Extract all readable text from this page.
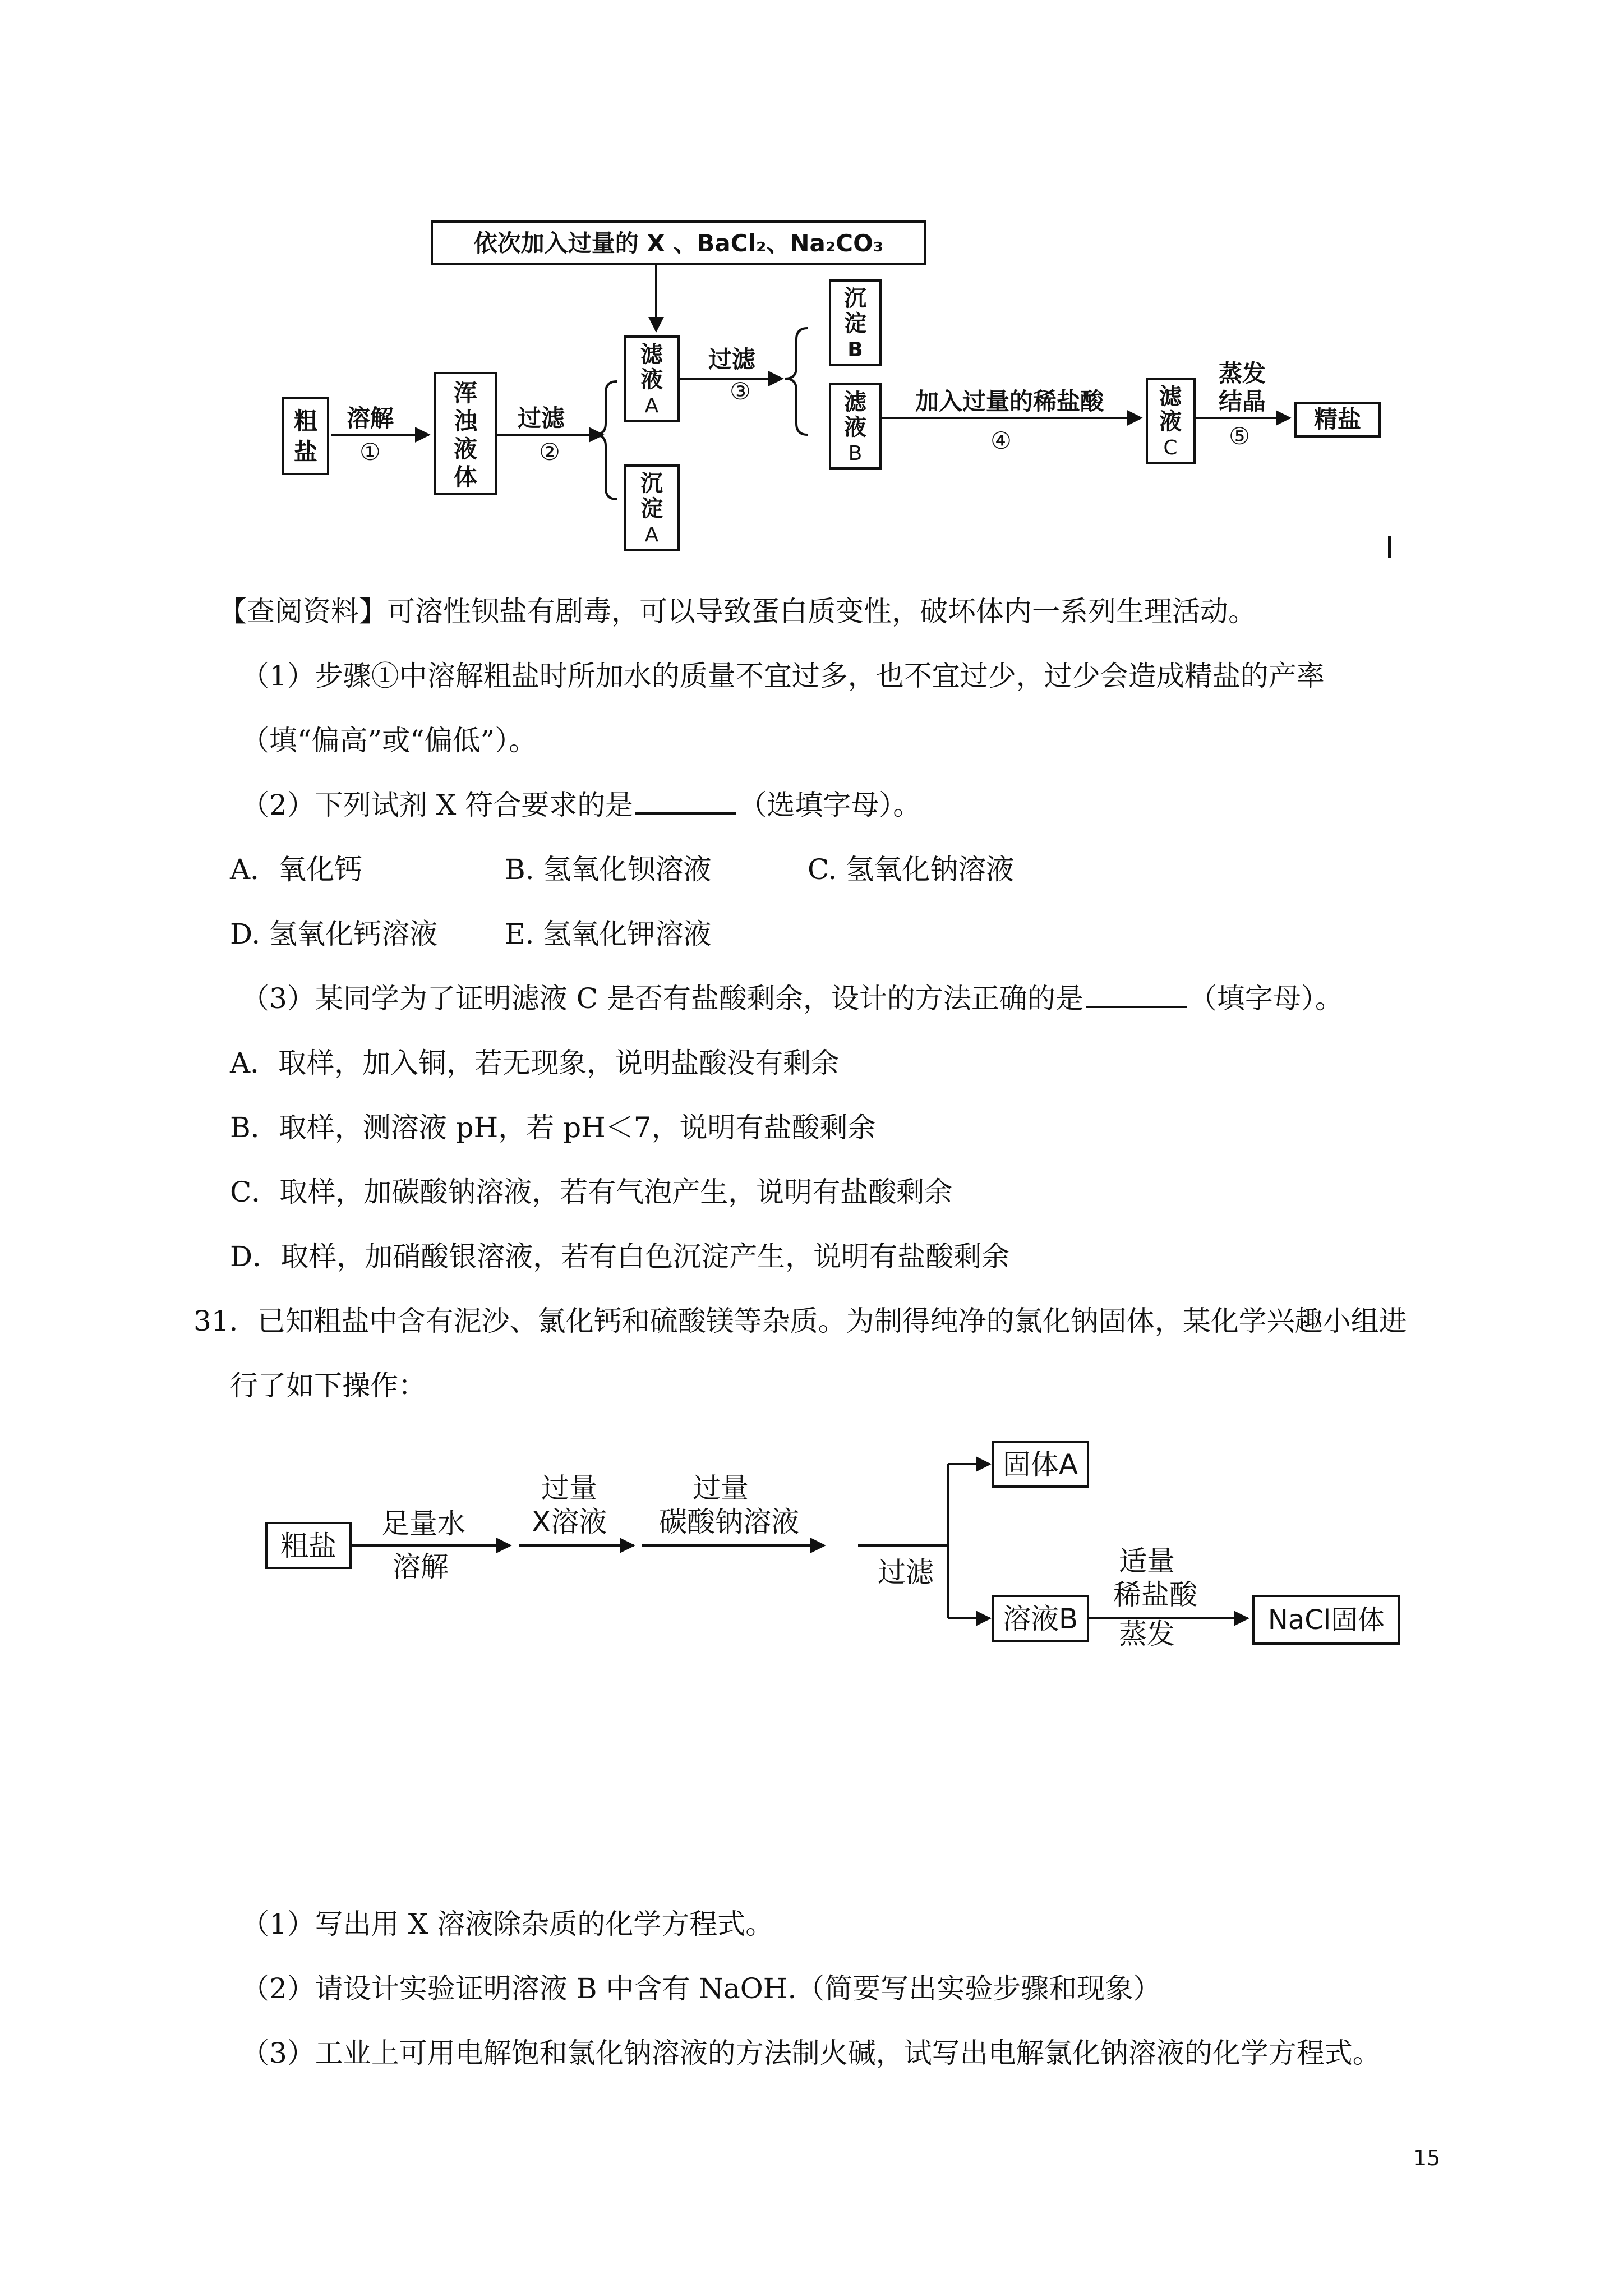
依次加入过量的 X 、BaCl₂、Na₂CO₃
粗
盐
溶解
①
浑
浊
液
体
过滤
②
滤
液
A
沉
淀
A
过滤
③
沉
淀
B
滤
液
B
加入过量的稀盐酸
④
滤
液
C
蒸发
结晶
⑤
精盐
【查阅资料】可溶性钡盐有剧毒，可以导致蛋白质变性，破坏体内一系列生理活动。
（1）步骤①中溶解粗盐时所加水的质量不宜过多，也不宜过少，过少会造成精盐的产率
（填“偏高”或“偏低”）。
（2）下列试剂 X 符合要求的是	（选填字母）。
A．氧化钙	B. 氢氧化钡溶液	C. 氢氧化钠溶液
D. 氢氧化钙溶液 E. 氢氧化钾溶液
（3）某同学为了证明滤液 C 是否有盐酸剩余，设计的方法正确的是	（填字母）。
A．取样，加入铜，若无现象，说明盐酸没有剩余
B．取样，测溶液 pH，若 pH＜7，说明有盐酸剩余
C．取样，加碳酸钠溶液，若有气泡产生，说明有盐酸剩余
D．取样，加硝酸银溶液，若有白色沉淀产生，说明有盐酸剩余
31．已知粗盐中含有泥沙、氯化钙和硫酸镁等杂质。为制得纯净的氯化钠固体，某化学兴趣小组进
行了如下操作：
粗盐
足量水
溶解
过量
X溶液
过量
碳酸钠溶液
过滤
固体A
溶液B
适量
稀盐酸
蒸发	NaCl固体
（1）写出用 X 溶液除杂质的化学方程式。
（2）请设计实验证明溶液 B 中含有 NaOH.（简要写出实验步骤和现象）
（3）工业上可用电解饱和氯化钠溶液的方法制火碱，试写出电解氯化钠溶液的化学方程式。
15
